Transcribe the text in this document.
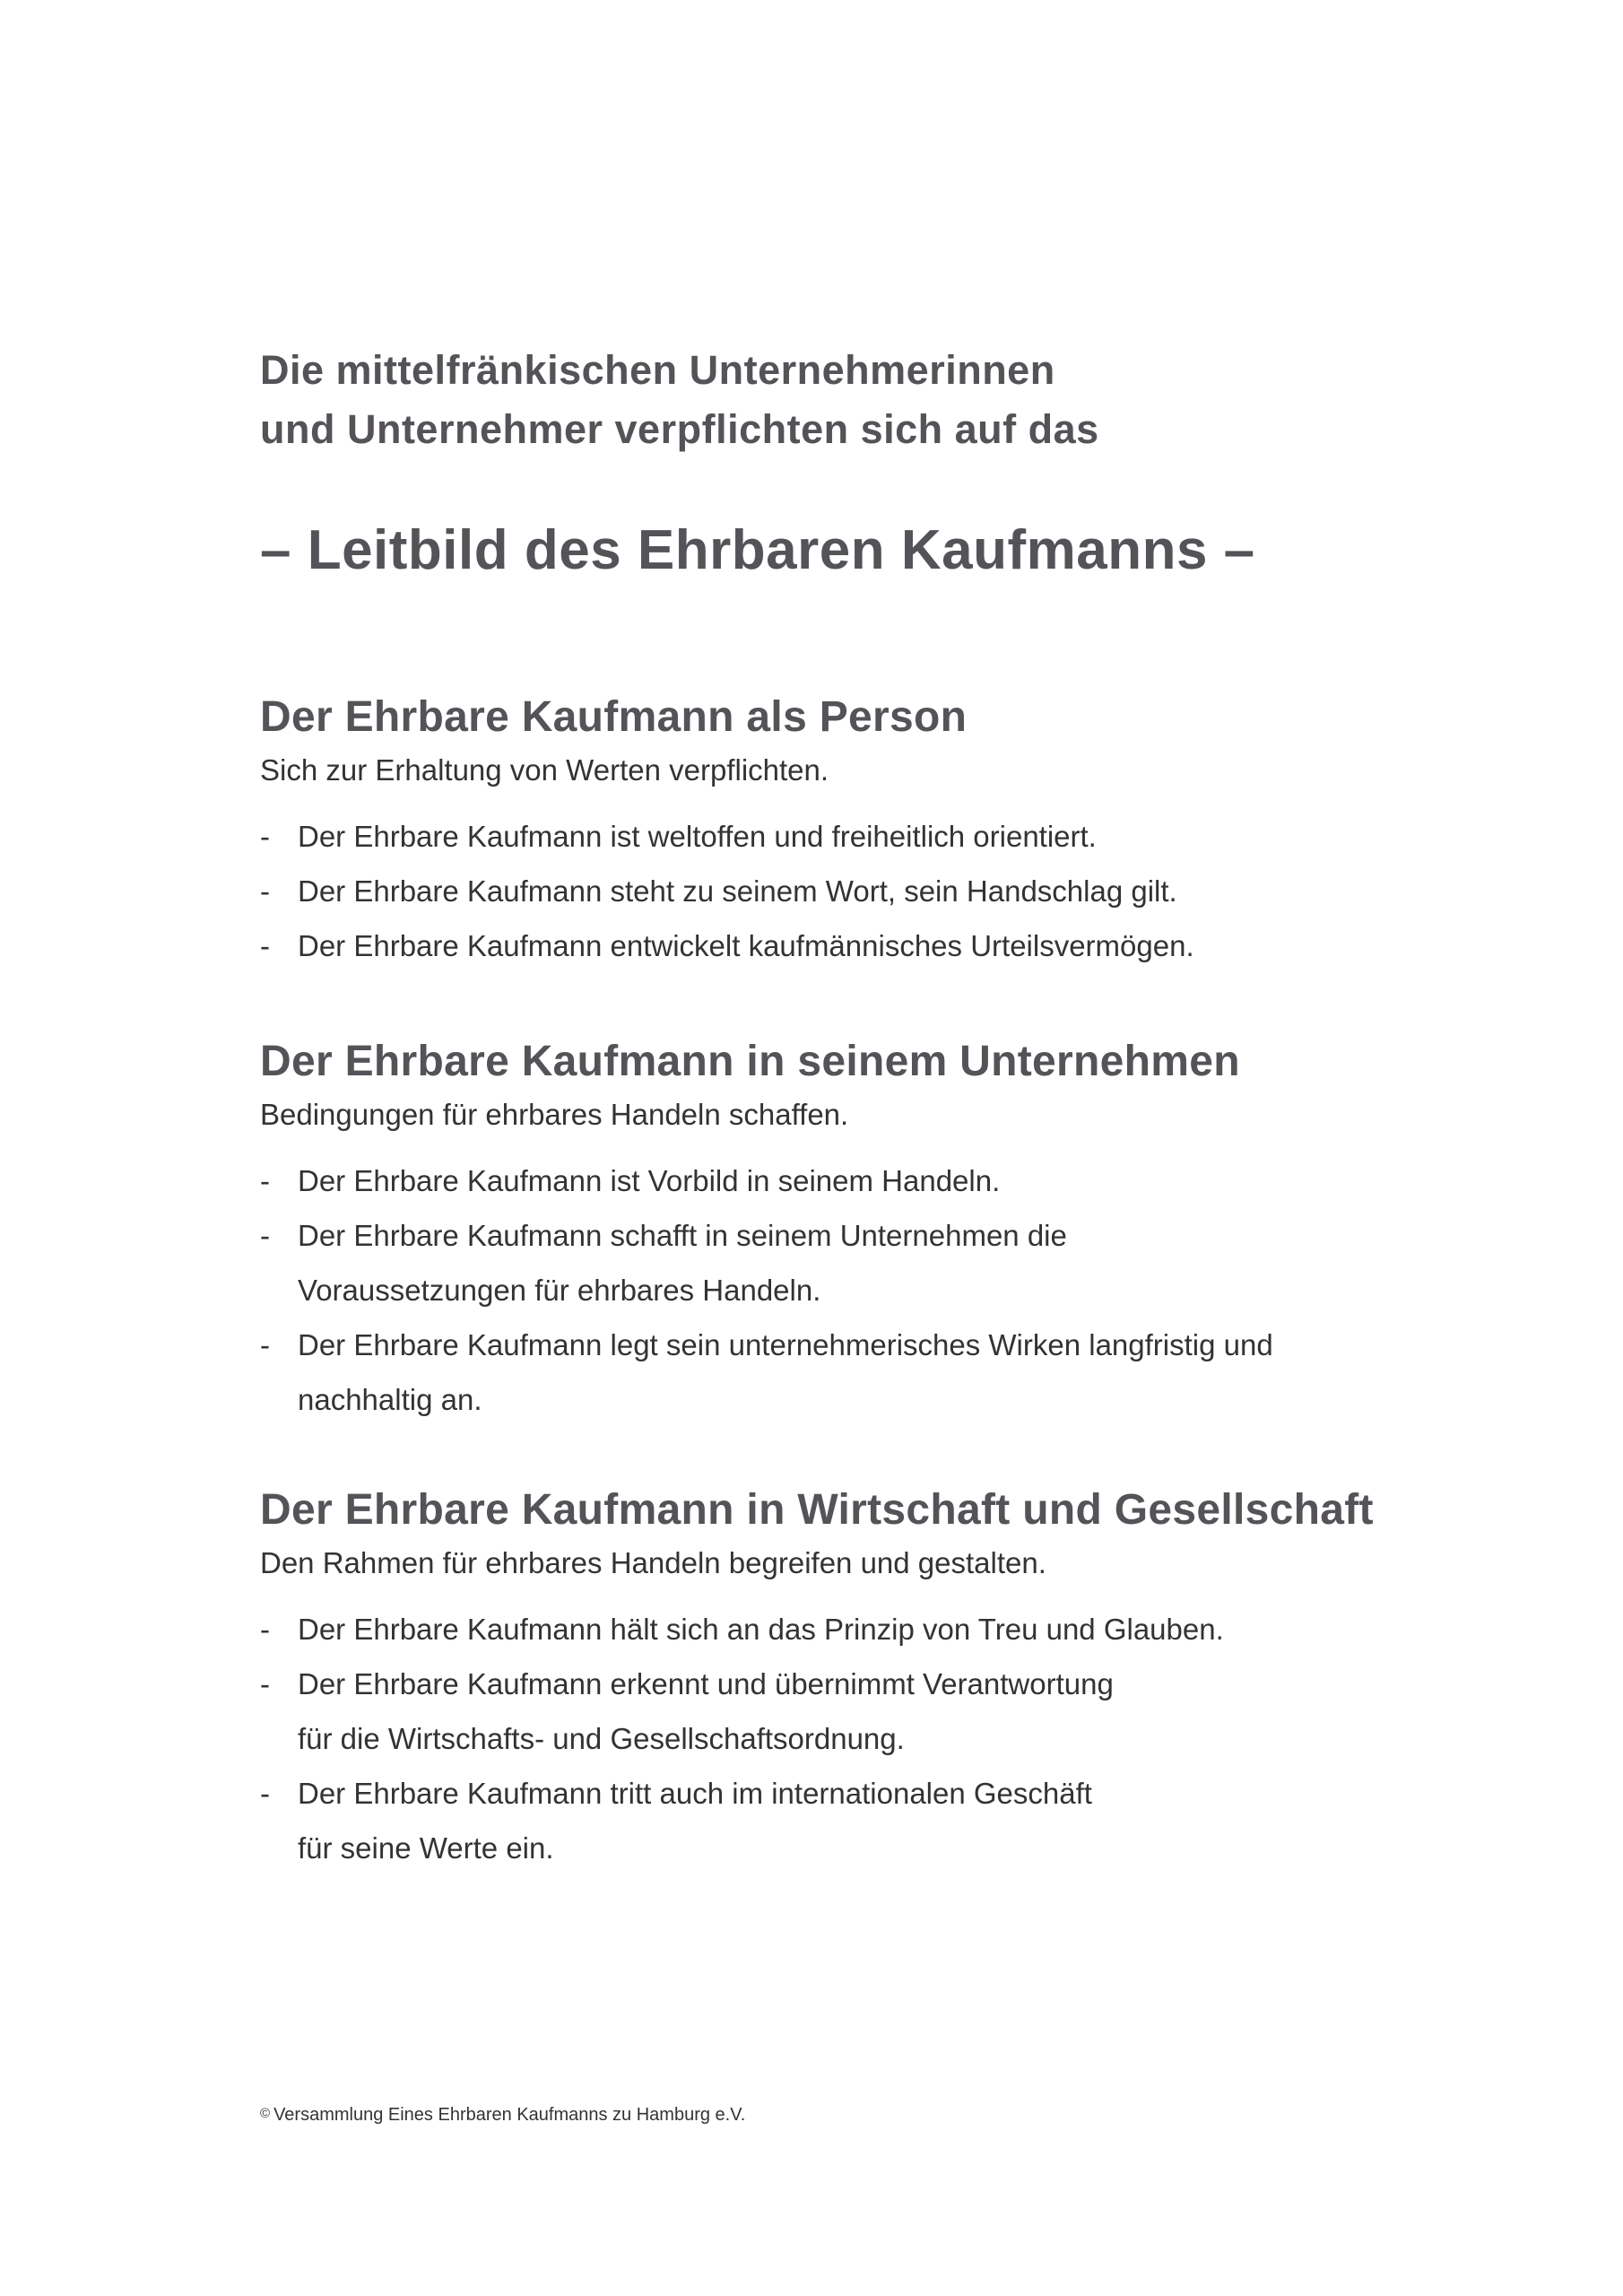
Die mittelfränkischen Unternehmerinnen
und Unternehmer verpflichten sich auf das
– Leitbild des Ehrbaren Kaufmanns –
Der Ehrbare Kaufmann als Person
Sich zur Erhaltung von Werten verpflichten.
- Der Ehrbare Kaufmann ist weltoffen und freiheitlich orientiert.
- Der Ehrbare Kaufmann steht zu seinem Wort, sein Handschlag gilt.
- Der Ehrbare Kaufmann entwickelt kaufmännisches Urteilsvermögen.
Der Ehrbare Kaufmann in seinem Unternehmen
Bedingungen für ehrbares Handeln schaffen.
- Der Ehrbare Kaufmann ist Vorbild in seinem Handeln.
- Der Ehrbare Kaufmann schafft in seinem Unternehmen die
Voraussetzungen für ehrbares Handeln.
- Der Ehrbare Kaufmann legt sein unternehmerisches Wirken langfristig und
nachhaltig an.
Der Ehrbare Kaufmann in Wirtschaft und Gesellschaft
Den Rahmen für ehrbares Handeln begreifen und gestalten.
- Der Ehrbare Kaufmann hält sich an das Prinzip von Treu und Glauben.
- Der Ehrbare Kaufmann erkennt und übernimmt Verantwortung
für die Wirtschafts- und Gesellschaftsordnung.
- Der Ehrbare Kaufmann tritt auch im internationalen Geschäft
für seine Werte ein.
© Versammlung Eines Ehrbaren Kaufmanns zu Hamburg e.V.
